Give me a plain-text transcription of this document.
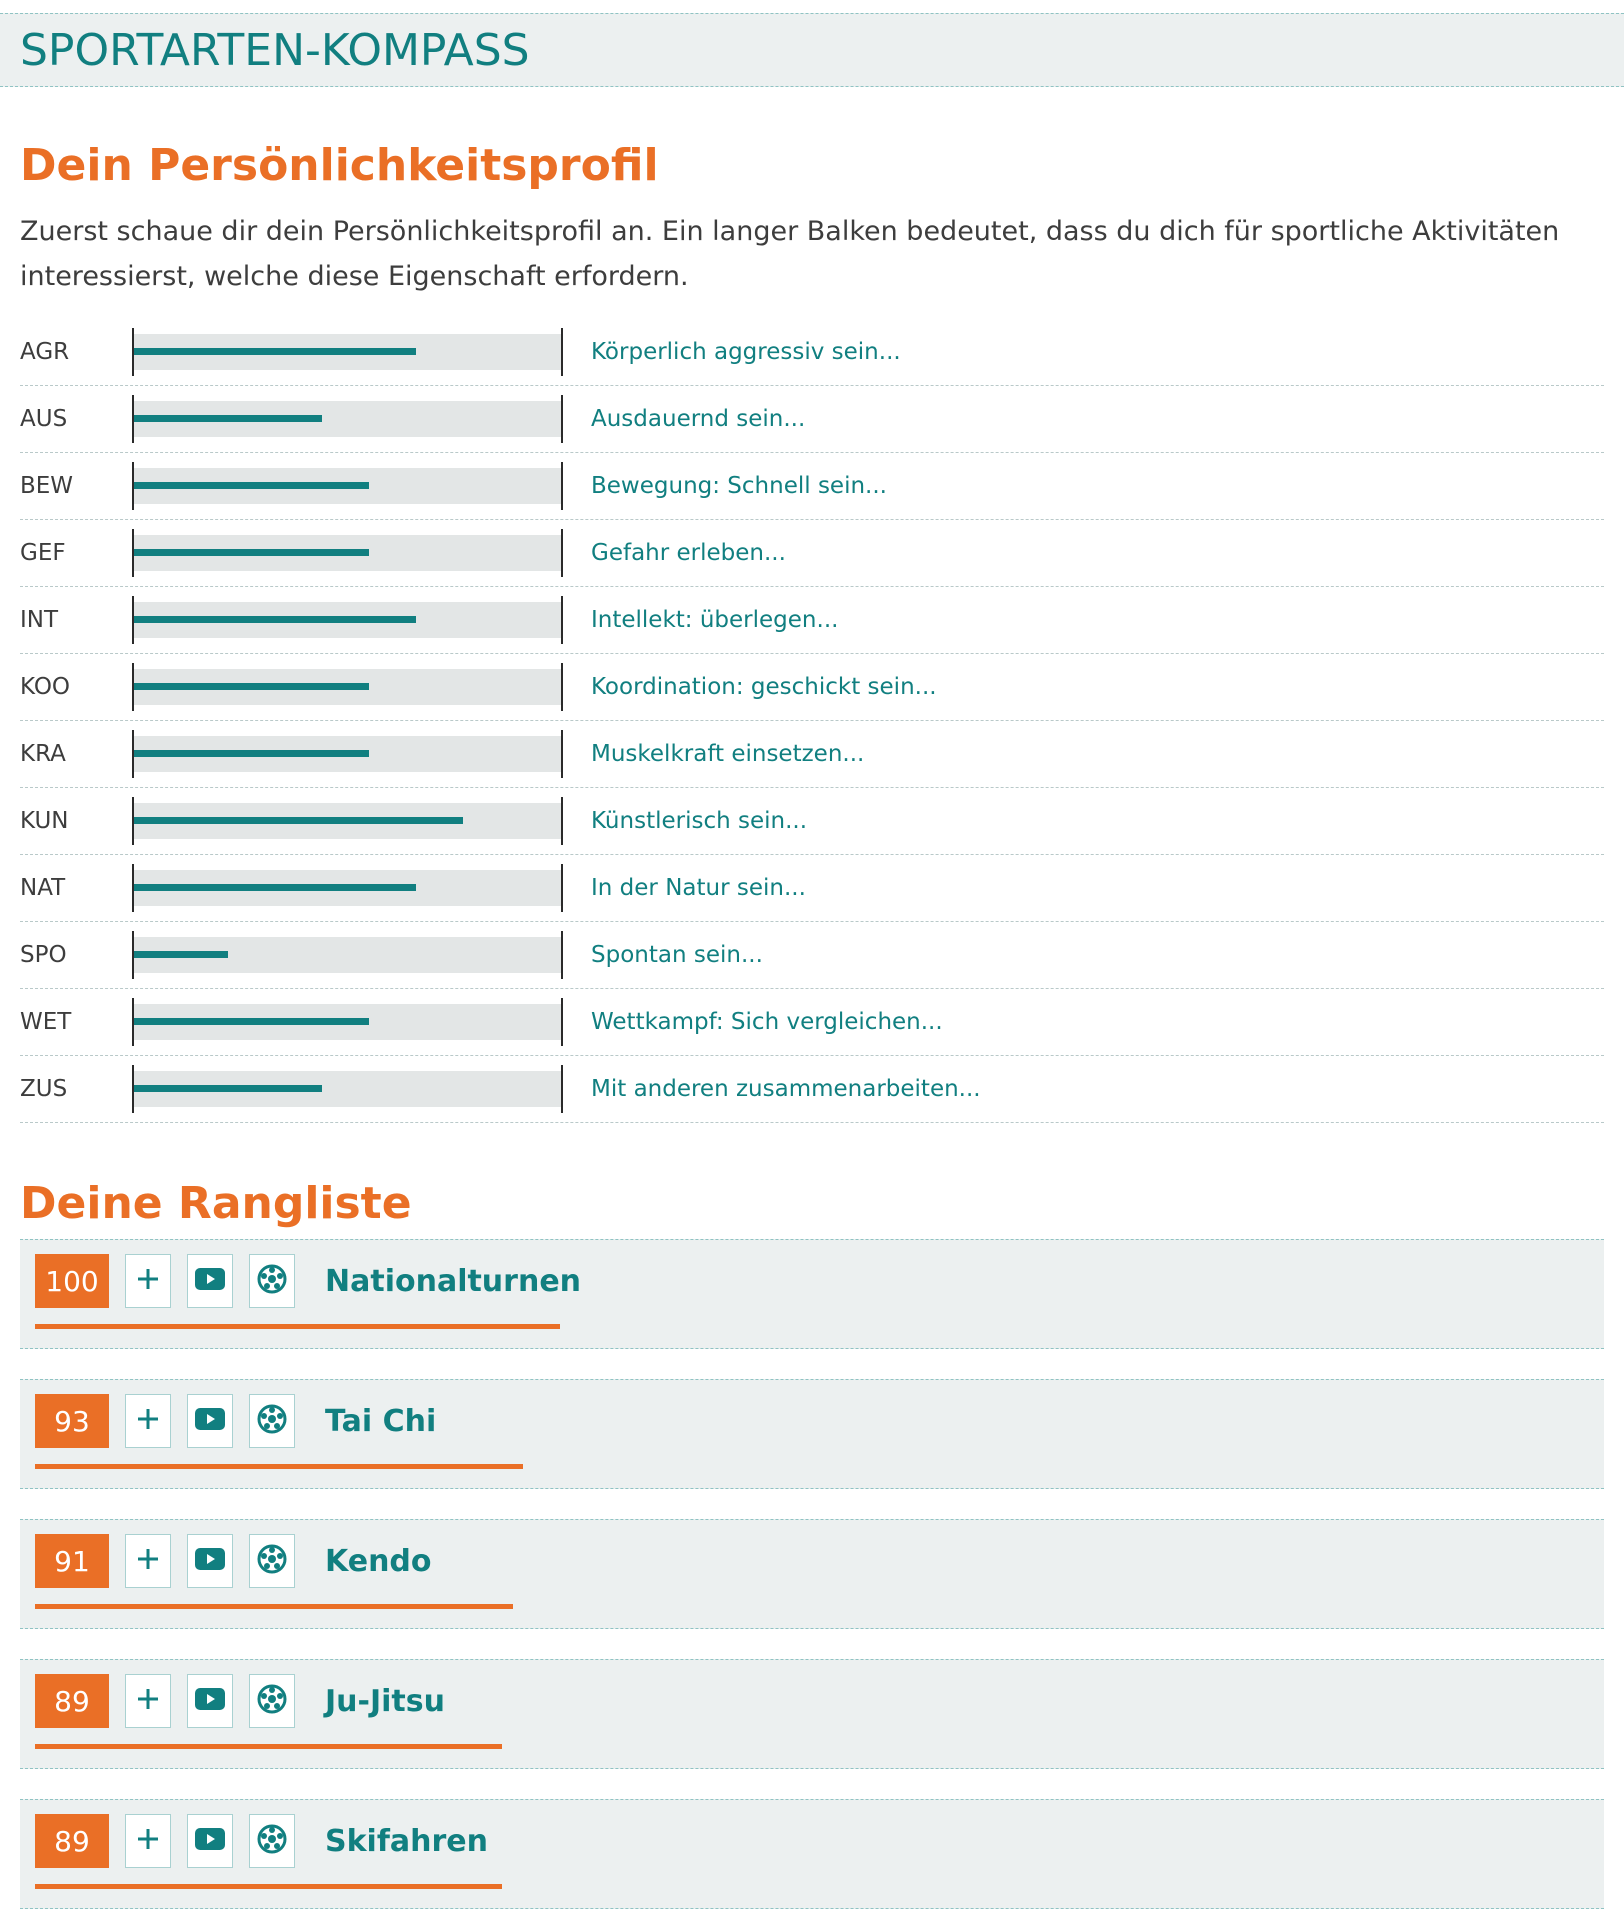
SPORTARTEN-KOMPASS
Dein Persönlichkeitsprofil
Zuerst schaue dir dein Persönlichkeitsprofil an. Ein langer Balken bedeutet, dass du dich für sportliche Aktivitäten interessierst, welche diese Eigenschaft erfordern.
AGR	Körperlich aggressiv sein...
AUS	Ausdauernd sein...
BEW	Bewegung: Schnell sein...
GEF	Gefahr erleben...
INT	Intellekt: überlegen...
KOO	Koordination: geschickt sein...
KRA	Muskelkraft einsetzen...
KUN	Künstlerisch sein...
NAT	In der Natur sein...
SPO	Spontan sein...
WET	Wettkampf: Sich vergleichen...
ZUS	Mit anderen zusammenarbeiten...
Deine Rangliste
100	Nationalturnen
93	Tai Chi
91	Kendo
89	Ju-Jitsu
89	Skifahren
